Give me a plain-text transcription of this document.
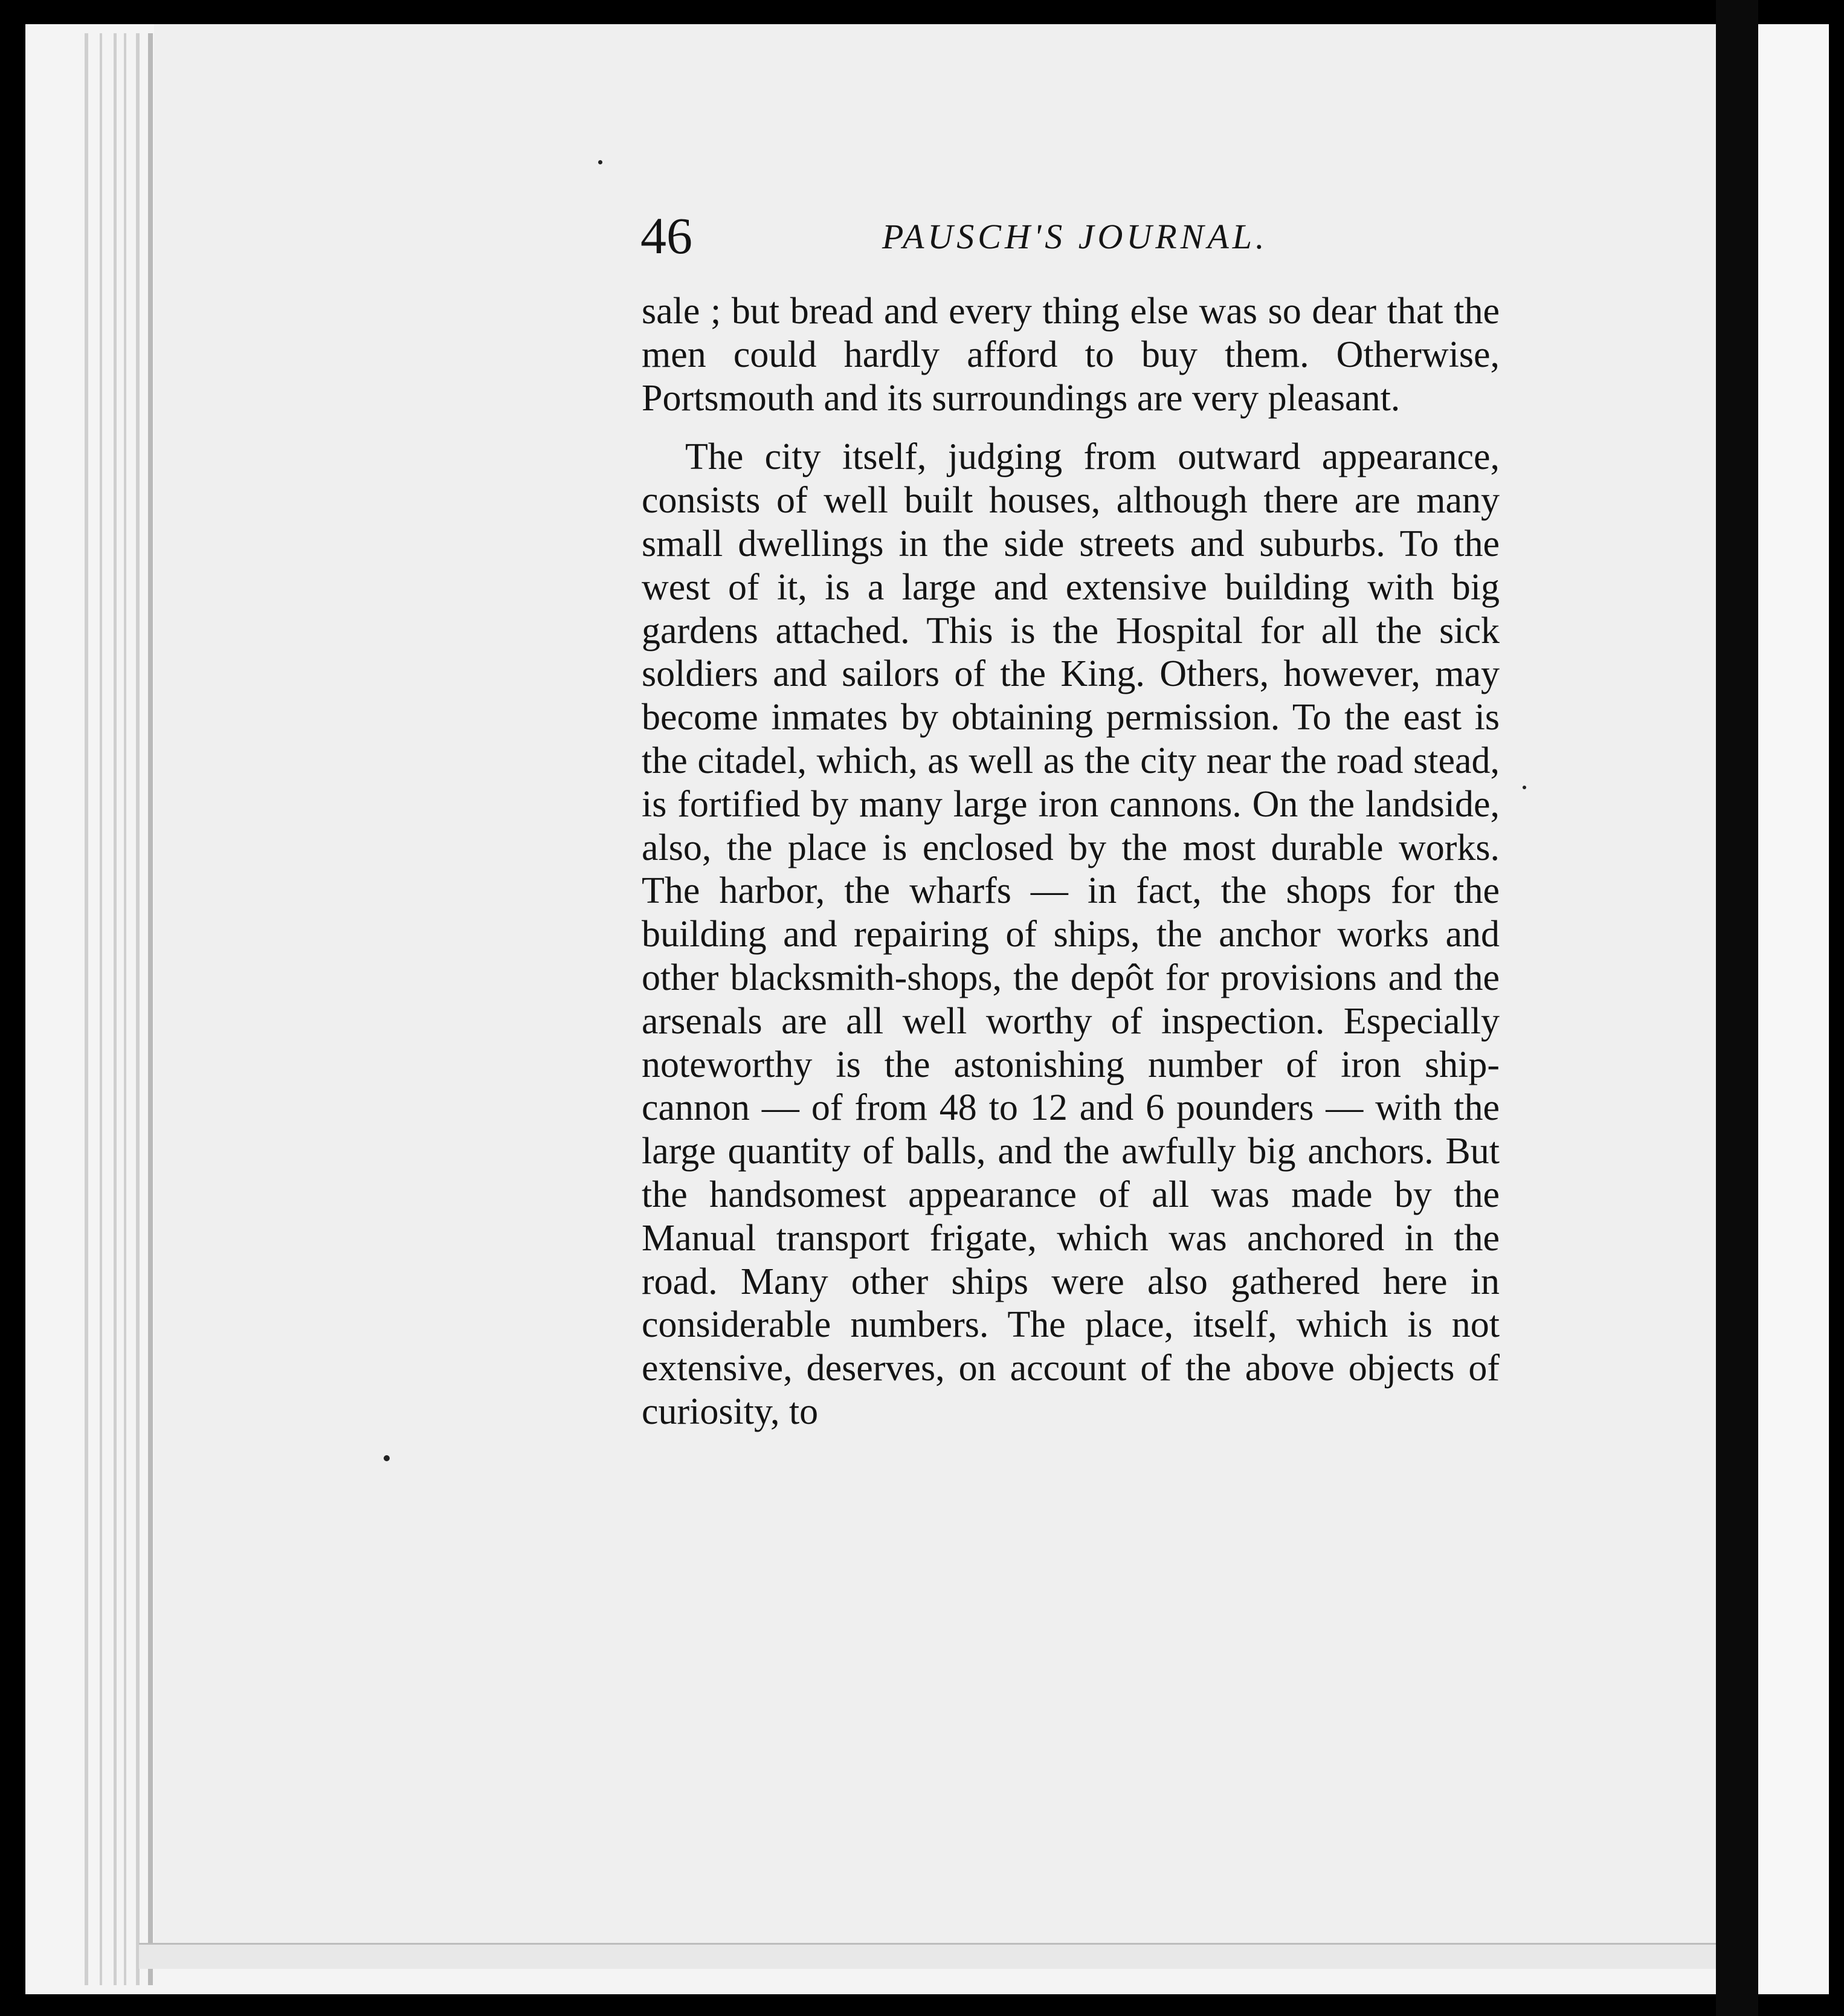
46	PAUSCH'S JOURNAL.

sale ; but bread and every thing else was so dear that the men could hardly afford to buy them. Otherwise, Portsmouth and its surroundings are very pleasant.

The city itself, judging from outward appearance, consists of well built houses, although there are many small dwellings in the side streets and suburbs. To the west of it, is a large and extensive building with big gardens attached. This is the Hospital for all the sick soldiers and sailors of the King. Others, however, may become inmates by obtaining permission. To the east is the citadel, which, as well as the city near the road stead, is fortified by many large iron cannons. On the landside, also, the place is enclosed by the most durable works. The harbor, the wharfs — in fact, the shops for the building and repairing of ships, the anchor works and other blacksmith-shops, the depôt for provisions and the arsenals are all well worthy of inspection. Especially noteworthy is the astonishing number of iron ship-cannon — of from 48 to 12 and 6 pounders — with the large quantity of balls, and the awfully big anchors. But the handsomest appearance of all was made by the Manual transport frigate, which was anchored in the road. Many other ships were also gathered here in considerable numbers. The place, itself, which is not extensive, deserves, on account of the above objects of curiosity, to
